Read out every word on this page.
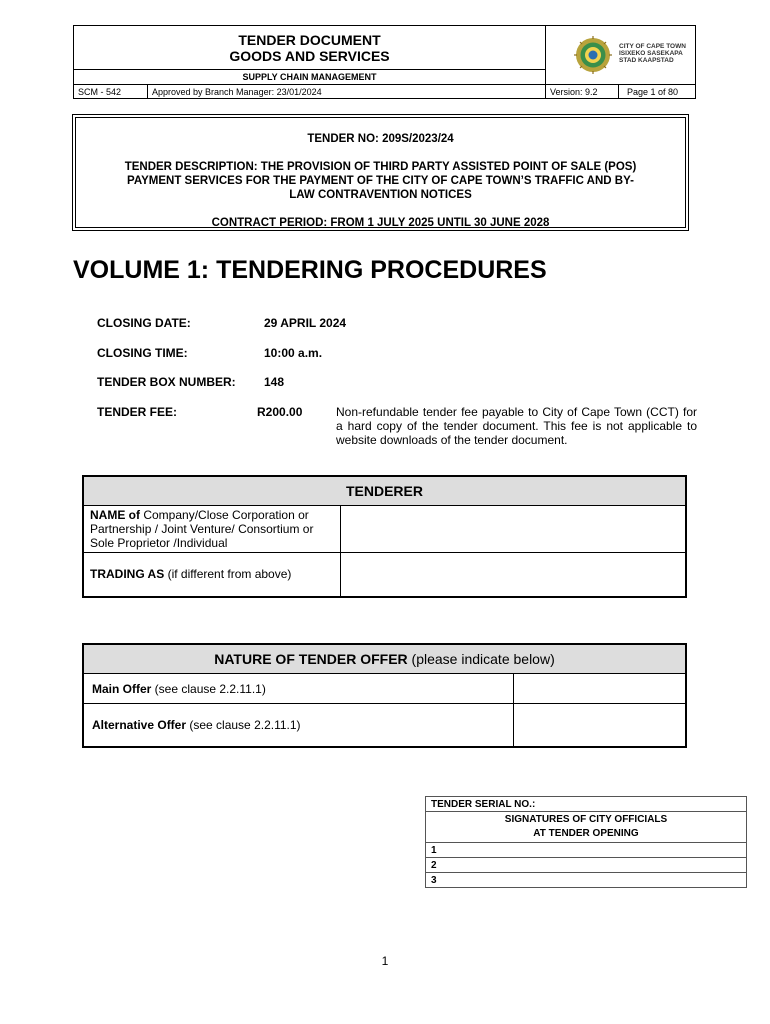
TENDER DOCUMENT
GOODS AND SERVICES
CITY OF CAPE TOWN
ISIXEKO SASEKAPA
STAD KAAPSTAD
SUPPLY CHAIN MANAGEMENT
SCM - 542	Approved by Branch Manager: 23/01/2024	Version: 9.2	Page 1 of 80
TENDER NO: 209S/2023/24
TENDER DESCRIPTION: THE PROVISION OF THIRD PARTY ASSISTED POINT OF SALE (POS)
PAYMENT SERVICES FOR THE PAYMENT OF THE CITY OF CAPE TOWN’S TRAFFIC AND BY-
LAW CONTRAVENTION NOTICES
CONTRACT PERIOD: FROM 1 JULY 2025 UNTIL 30 JUNE 2028
VOLUME 1: TENDERING PROCEDURES
CLOSING DATE:	29 APRIL 2024
CLOSING TIME:	10:00 a.m.
TENDER BOX NUMBER: 148
TENDER FEE:	R200.00	Non-refundable tender fee payable to City of Cape Town (CCT) for a hard copy of the tender document. This fee is not applicable to website downloads of the tender document.
TENDERER	
NAME of Company/Close Corporation or Partnership / Joint Venture/ Consortium or Sole Proprietor /Individual	
TRADING AS (if different from above)	
NATURE OF TENDER OFFER (please indicate below)	
Main Offer (see clause 2.2.11.1)	
Alternative Offer (see clause 2.2.11.1)	
TENDER SERIAL NO.:

SIGNATURES OF CITY OFFICIALS
AT TENDER OPENING

1
2
3
1
